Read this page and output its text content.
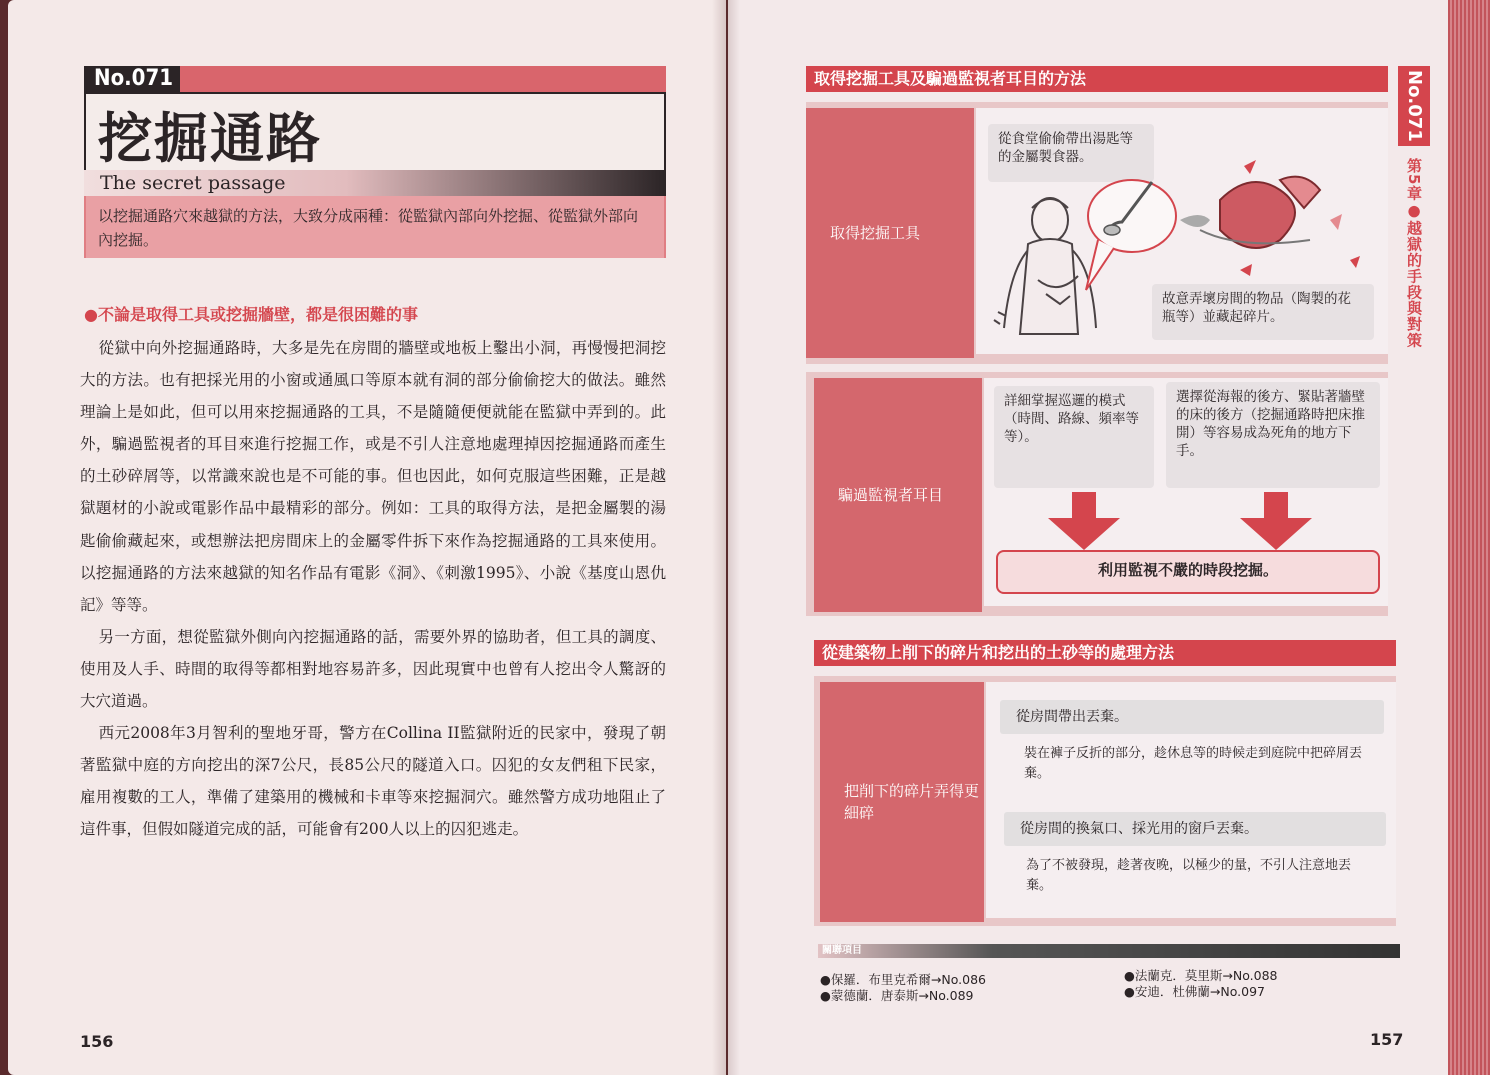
No.071
挖掘通路
The secret passage
以挖掘通路穴來越獄的方法，大致分成兩種：從監獄內部向外挖掘、從監獄外部向內挖掘。
●不論是取得工具或挖掘牆壁，都是很困難的事

從獄中向外挖掘通路時，大多是先在房間的牆壁或地板上鑿出小洞，再慢慢把洞挖大的方法。也有把採光用的小窗或通風口等原本就有洞的部分偷偷挖大的做法。雖然理論上是如此，但可以用來挖掘通路的工具，不是隨隨便便就能在監獄中弄到的。此外，騙過監視者的耳目來進行挖掘工作，或是不引人注意地處理掉因挖掘通路而產生的土砂碎屑等，以常識來說也是不可能的事。但也因此，如何克服這些困難，正是越獄題材的小說或電影作品中最精彩的部分。例如：工具的取得方法，是把金屬製的湯匙偷偷藏起來，或想辦法把房間床上的金屬零件拆下來作為挖掘通路的工具來使用。以挖掘通路的方法來越獄的知名作品有電影《洞》、《刺激1995》、小說《基度山恩仇記》等等。

另一方面，想從監獄外側向內挖掘通路的話，需要外界的協助者，但工具的調度、使用及人手、時間的取得等都相對地容易許多，因此現實中也曾有人挖出令人驚訝的大穴道過。

西元2008年3月智利的聖地牙哥，警方在Collina II監獄附近的民家中，發現了朝著監獄中庭的方向挖出的深7公尺，長85公尺的隧道入口。囚犯的女友們租下民家，雇用複數的工人，準備了建築用的機械和卡車等來挖掘洞穴。雖然警方成功地阻止了這件事，但假如隧道完成的話，可能會有200人以上的囚犯逃走。

156
取得挖掘工具及騙過監視者耳目的方法
取得挖掘工具
從食堂偷偷帶出湯匙等的金屬製食器。
故意弄壞房間的物品（陶製的花瓶等）並藏起碎片。
騙過監視者耳目
詳細掌握巡邏的模式（時間、路線、頻率等等）。
選擇從海報的後方、緊貼著牆壁的床的後方（挖掘通路時把床推開）等容易成為死角的地方下手。
利用監視不嚴的時段挖掘。
從建築物上削下的碎片和挖出的土砂等的處理方法
把削下的碎片弄得更細碎
從房間帶出丟棄。
裝在褲子反折的部分，趁休息等的時候走到庭院中把碎屑丟棄。
從房間的換氣口、採光用的窗戶丟棄。
為了不被發現，趁著夜晚，以極少的量，不引人注意地丟棄。
No.071
第5章●越獄的手段與對策
關聯項目
●保羅．布里克希爾→No.086	●法蘭克．莫里斯→No.088
●蒙德蘭．唐泰斯→No.089	●安迪．杜佛蘭→No.097
157
